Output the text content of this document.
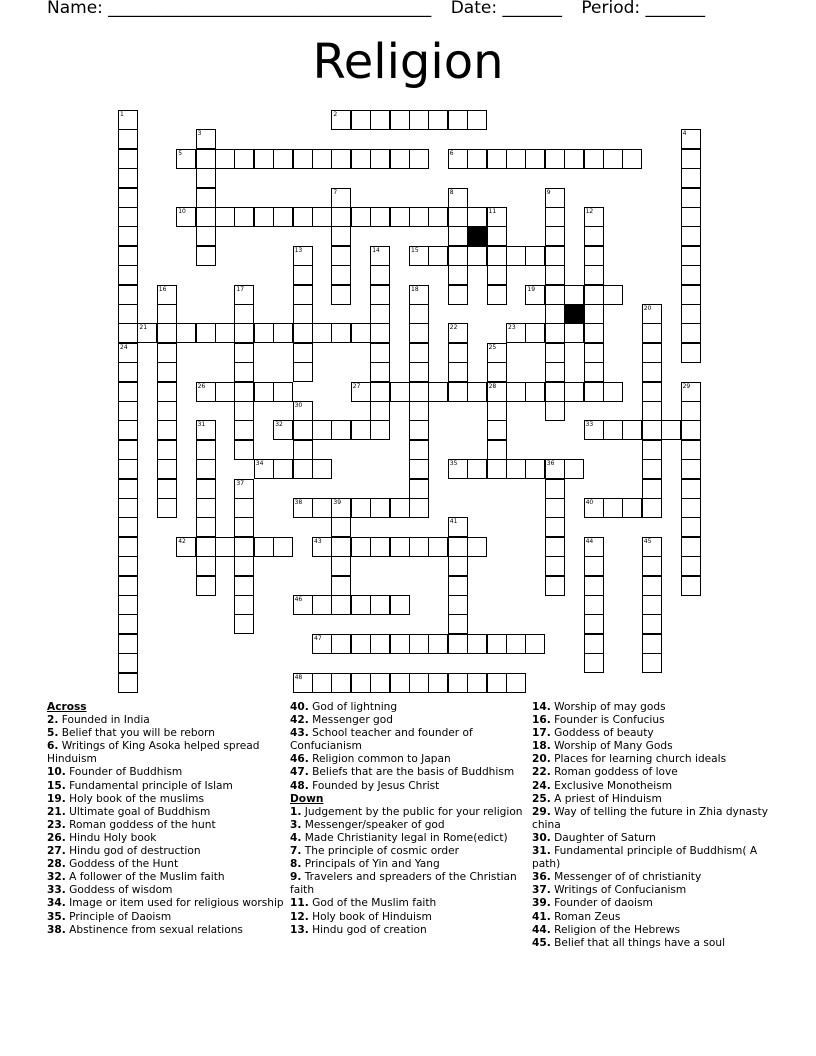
Name: ______________________________________ Date: _______ Period: _______
Religion
1
24
2
3	4
5	6
7	8	9
10	11	12
13	14	15
16	17	18	19
20
21	22	23
25
28
26	27	29
30
31	32	33
34	35	36
37
38	39	40
41
42	43	44	45
46
47
48
Across
2. Founded in India
5. Belief that you will be reborn
6. Writings of King Asoka helped spread Hinduism
10. Founder of Buddhism
15. Fundamental principle of Islam
19. Holy book of the muslims
21. Ultimate goal of Buddhism
23. Roman goddess of the hunt
26. Hindu Holy book
27. Hindu god of destruction
28. Goddess of the Hunt
32. A follower of the Muslim faith
33. Goddess of wisdom
34. Image or item used for religious worship
35. Principle of Daoism
38. Abstinence from sexual relations
40. God of lightning
42. Messenger god
43. School teacher and founder of Confucianism
46. Religion common to Japan
47. Beliefs that are the basis of Buddhism
48. Founded by Jesus Christ
Down
1. Judgement by the public for your religion
3. Messenger/speaker of god
4. Made Christianity legal in Rome(edict)
7. The principle of cosmic order
8. Principals of Yin and Yang
9. Travelers and spreaders of the Christian faith
11. God of the Muslim faith
12. Holy book of Hinduism
13. Hindu god of creation
14. Worship of may gods
16. Founder is Confucius
17. Goddess of beauty
18. Worship of Many Gods
20. Places for learning church ideals
22. Roman goddess of love
24. Exclusive Monotheism
25. A priest of Hinduism
29. Way of telling the future in Zhia dynasty china
30. Daughter of Saturn
31. Fundamental principle of Buddhism( A path)
36. Messenger of of christianity
37. Writings of Confucianism
39. Founder of daoism
41. Roman Zeus
44. Religion of the Hebrews
45. Belief that all things have a soul
